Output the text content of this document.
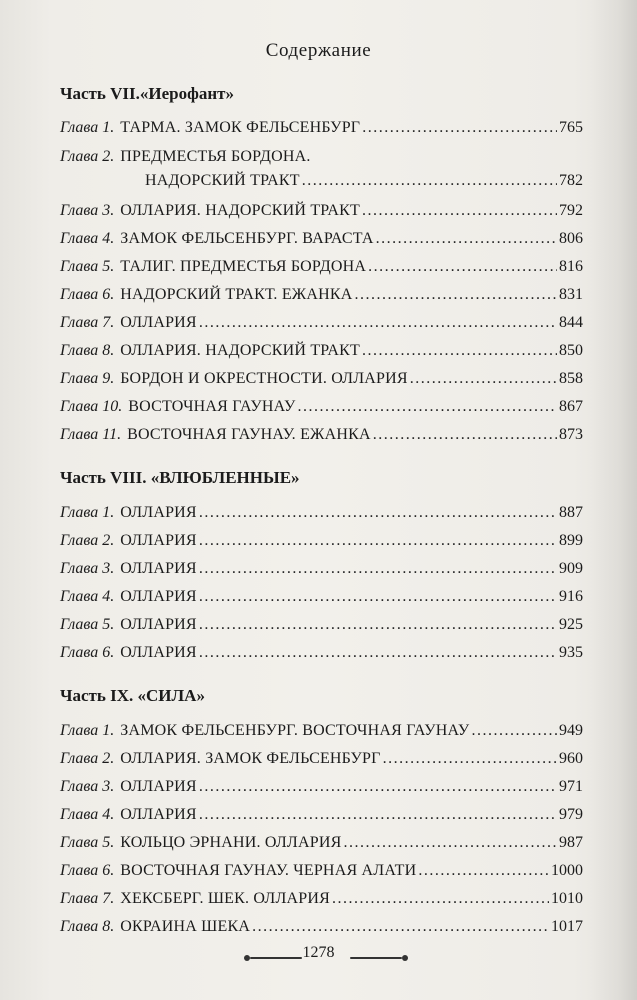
Содержание
Часть VII.«Иерофант»
Глава 1. ТАРМА. ЗАМОК ФЕЛЬСЕНБУРГ .....	765
Глава 2. ПРЕДМЕСТЬЯ БОРДОНА.
НАДОРСКИЙ ТРАКТ .....	782
Глава 3. ОЛЛАРИЯ. НАДОРСКИЙ ТРАКТ .....	792
Глава 4. ЗАМОК ФЕЛЬСЕНБУРГ. ВАРАСТА .....	806
Глава 5. ТАЛИГ. ПРЕДМЕСТЬЯ БОРДОНА .....	816
Глава 6. НАДОРСКИЙ ТРАКТ. ЕЖАНКА .....	831
Глава 7. ОЛЛАРИЯ .....	844
Глава 8. ОЛЛАРИЯ. НАДОРСКИЙ ТРАКТ .....	850
Глава 9. БОРДОН И ОКРЕСТНОСТИ. ОЛЛАРИЯ .....	858
Глава 10. ВОСТОЧНАЯ ГАУНАУ .....	867
Глава 11. ВОСТОЧНАЯ ГАУНАУ. ЕЖАНКА .....	873
Часть VIII. «ВЛЮБЛЕННЫЕ»
Глава 1. ОЛЛАРИЯ .....	887
Глава 2. ОЛЛАРИЯ .....	899
Глава 3. ОЛЛАРИЯ .....	909
Глава 4. ОЛЛАРИЯ .....	916
Глава 5. ОЛЛАРИЯ .....	925
Глава 6. ОЛЛАРИЯ .....	935
Часть IX. «СИЛА»
Глава 1. ЗАМОК ФЕЛЬСЕНБУРГ. ВОСТОЧНАЯ ГАУНАУ .....	949
Глава 2. ОЛЛАРИЯ. ЗАМОК ФЕЛЬСЕНБУРГ .....	960
Глава 3. ОЛЛАРИЯ .....	971
Глава 4. ОЛЛАРИЯ .....	979
Глава 5. КОЛЬЦО ЭРНАНИ. ОЛЛАРИЯ .....	987
Глава 6. ВОСТОЧНАЯ ГАУНАУ. ЧЕРНАЯ АЛАТИ .....	1000
Глава 7. ХЕКСБЕРГ. ШЕК. ОЛЛАРИЯ .....	1010
Глава 8. ОКРАИНА ШЕКА .....	1017
1278
